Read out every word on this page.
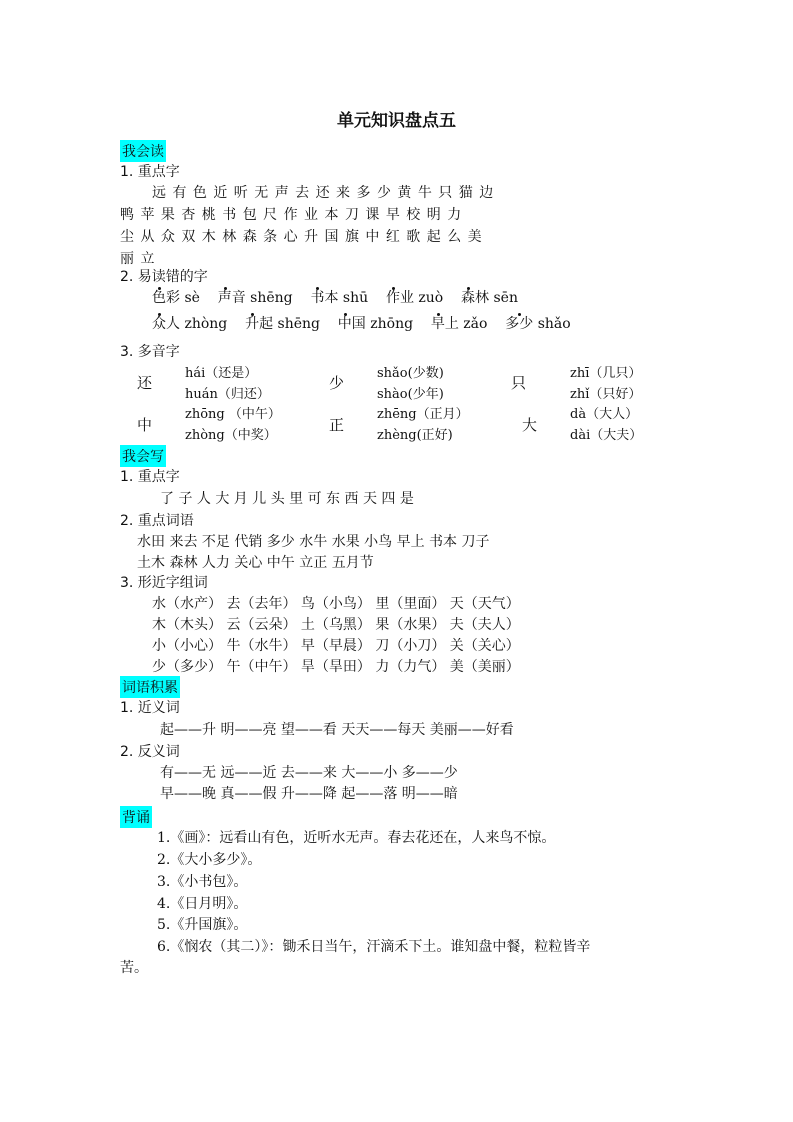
单元知识盘点五
我会读
1. 重点字
远 有 色 近 听 无 声 去 还 来 多 少 黄 牛 只 猫 边
鸭 苹 果 杏 桃 书 包 尺 作 业 本 刀 课 早 校 明 力
尘 从 众 双 木 林 森 条 心 升 国 旗 中 红 歌 起 么 美
丽 立
2. 易读错的字
色彩 sè 声音 shēng 书本 shū 作业 zuò 森林 sēn
众人 zhòng 升起 shēng 中国 zhōng 早上 zǎo 多少 shǎo
3. 多音字
还
hái（还是）
huán（归还）
少
shǎo(少数)
shào(少年)
只
zhī（几只）
zhǐ（只好）
中
zhōng （中午）
zhòng（中奖）
正
zhēng（正月）
zhèng(正好)
大
dà（大人）
dài（大夫）
我会写
1. 重点字
了 子 人 大 月 儿 头 里 可 东 西 天 四 是
2. 重点词语
水田 来去 不足 代销 多少 水牛 水果 小鸟 早上 书本 刀子
土木 森林 人力 关心 中午 立正 五月节
3. 形近字组词
水（水产） 去（去年） 鸟（小鸟） 里（里面） 天（天气）
木（木头） 云（云朵） 土（乌黑） 果（水果） 夫（夫人）
小（小心） 牛（水牛） 早（早晨） 刀（小刀） 关（关心）
少（多少） 午（中午） 旱（旱田） 力（力气） 美（美丽）
词语积累
1. 近义词
起——升 明——亮 望——看 天天——每天 美丽——好看
2. 反义词
有——无 远——近 去——来 大——小 多——少
早——晚 真——假 升——降 起——落 明——暗
背诵
1.《画》：远看山有色，近听水无声。春去花还在，人来鸟不惊。
2.《大小多少》。
3.《小书包》。
4.《日月明》。
5.《升国旗》。
6.《悯农（其二）》：锄禾日当午，汗滴禾下土。谁知盘中餐，粒粒皆辛
苦。
